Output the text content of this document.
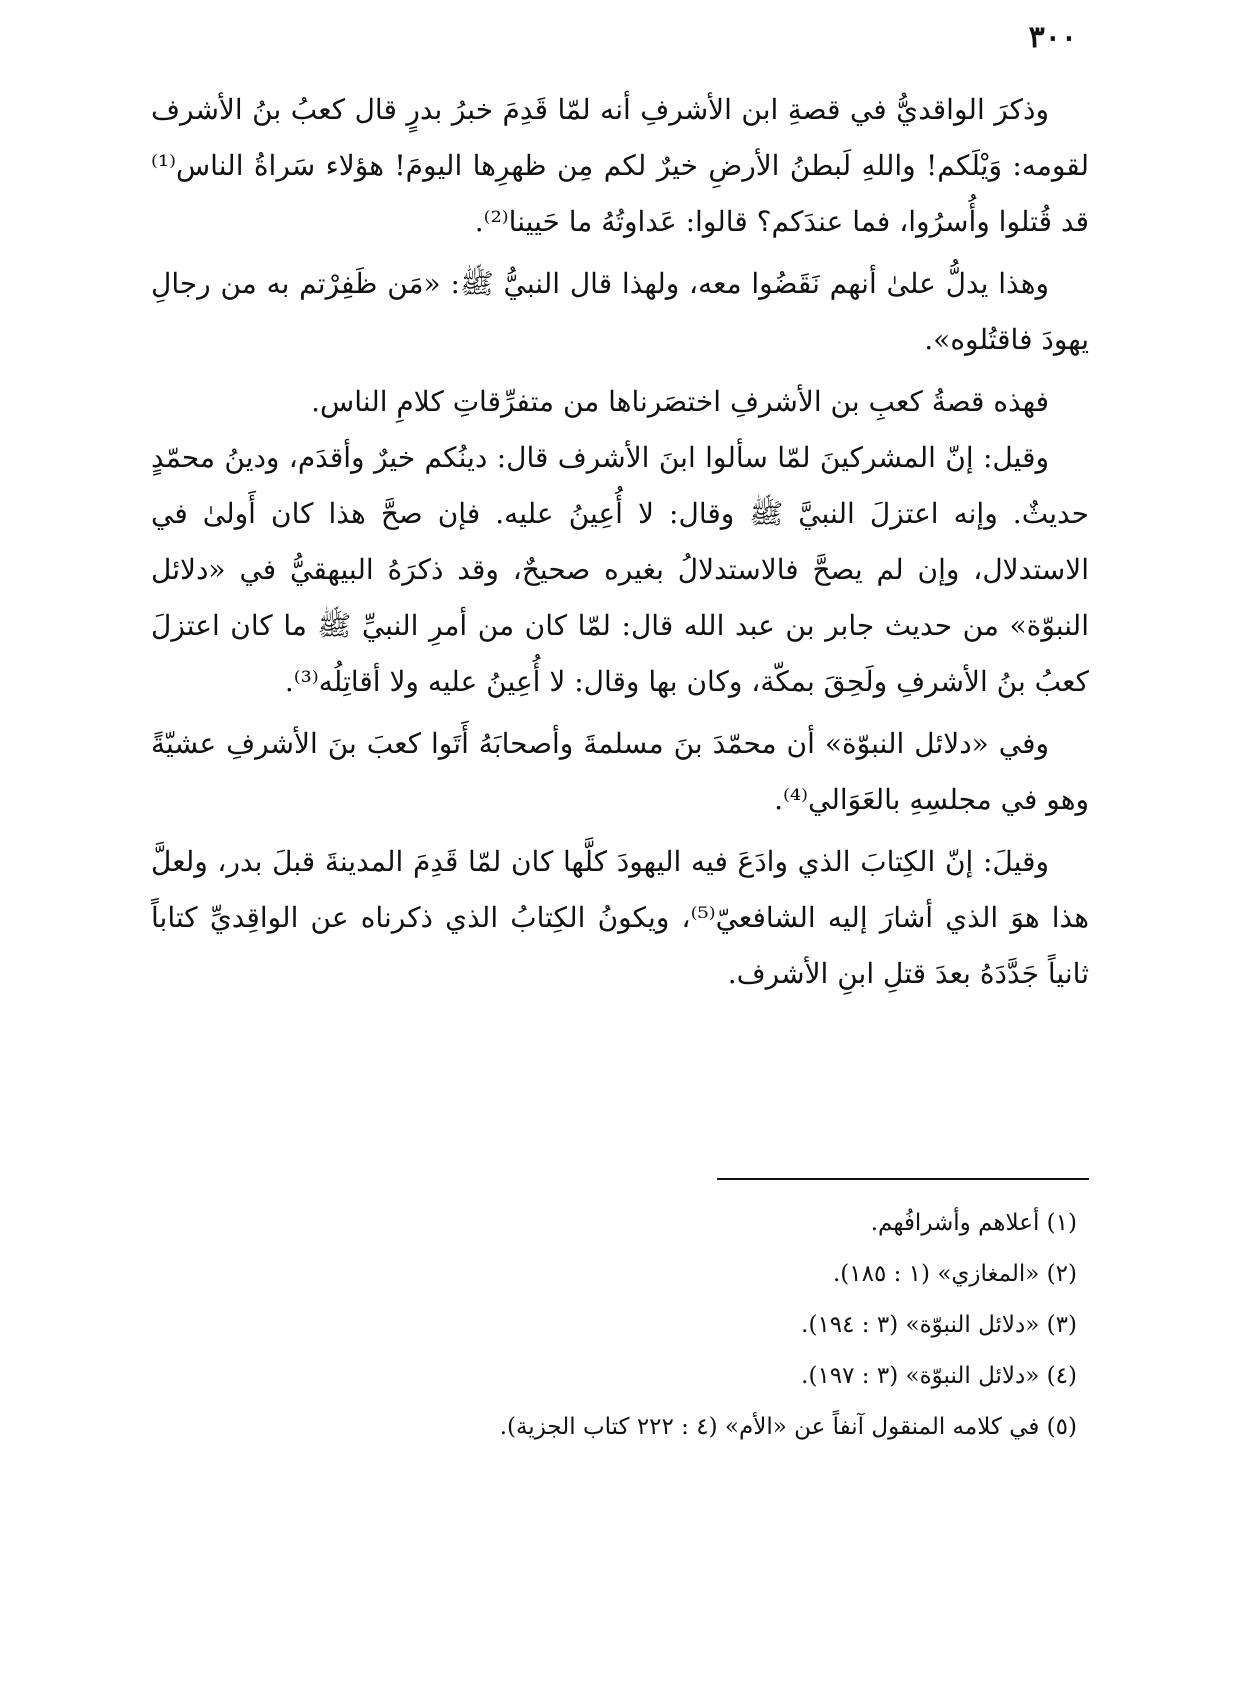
٣٠٠

وذكرَ الواقديُّ في قصةِ ابن الأشرفِ أنه لمّا قَدِمَ خبرُ بدرٍ قال كعبُ بنُ الأشرف لقومه: وَيْلَكم! واللهِ لَبطنُ الأرضِ خيرٌ لكم مِن ظهرِها اليومَ! هؤلاء سَراةُ الناس⁽¹⁾ قد قُتلوا وأُسرُوا، فما عندَكم؟ قالوا: عَداوتُهُ ما حَيينا⁽²⁾.

وهذا يدلُّ علىٰ أنهم نَقَضُوا معه، ولهذا قال النبيُّ ﷺ: «مَن ظَفِرْتم به من رجالِ يهودَ فاقتُلوه».

فهذه قصةُ كعبِ بن الأشرفِ اختصَرناها من متفرِّقاتِ كلامِ الناس.

وقيل: إنّ المشركينَ لمّا سألوا ابنَ الأشرف قال: دينُكم خيرٌ وأقدَم، ودينُ محمّدٍ حديثٌ. وإنه اعتزلَ النبيَّ ﷺ وقال: لا أُعِينُ عليه. فإن صحَّ هذا كان أَولىٰ في الاستدلال، وإن لم يصحَّ فالاستدلالُ بغيره صحيحٌ، وقد ذكرَهُ البيهقيُّ في «دلائل النبوّة» من حديث جابر بن عبد الله قال: لمّا كان من أمرِ النبيِّ ﷺ ما كان اعتزلَ كعبُ بنُ الأشرفِ ولَحِقَ بمكّة، وكان بها وقال: لا أُعِينُ عليه ولا أقاتِلُه⁽³⁾.

وفي «دلائل النبوّة» أن محمّدَ بنَ مسلمةَ وأصحابَهُ أَتَوا كعبَ بنَ الأشرفِ عشيّةً وهو في مجلسِهِ بالعَوَالي⁽⁴⁾.

وقيلَ: إنّ الكِتابَ الذي وادَعَ فيه اليهودَ كلَّها كان لمّا قَدِمَ المدينةَ قبلَ بدر، ولعلَّ هذا هوَ الذي أشارَ إليه الشافعيّ⁽⁵⁾، ويكونُ الكِتابُ الذي ذكرناه عن الواقِديِّ كتاباً ثانياً جَدَّدَهُ بعدَ قتلِ ابنِ الأشرف.

(١) أعلاهم وأشرافُهم.

(٢) «المغازي» (١ : ١٨٥).

(٣) «دلائل النبوّة» (٣ : ١٩٤).

(٤) «دلائل النبوّة» (٣ : ١٩٧).

(٥) في كلامه المنقول آنفاً عن «الأم» (٤ : ٢٢٢ كتاب الجزية).
